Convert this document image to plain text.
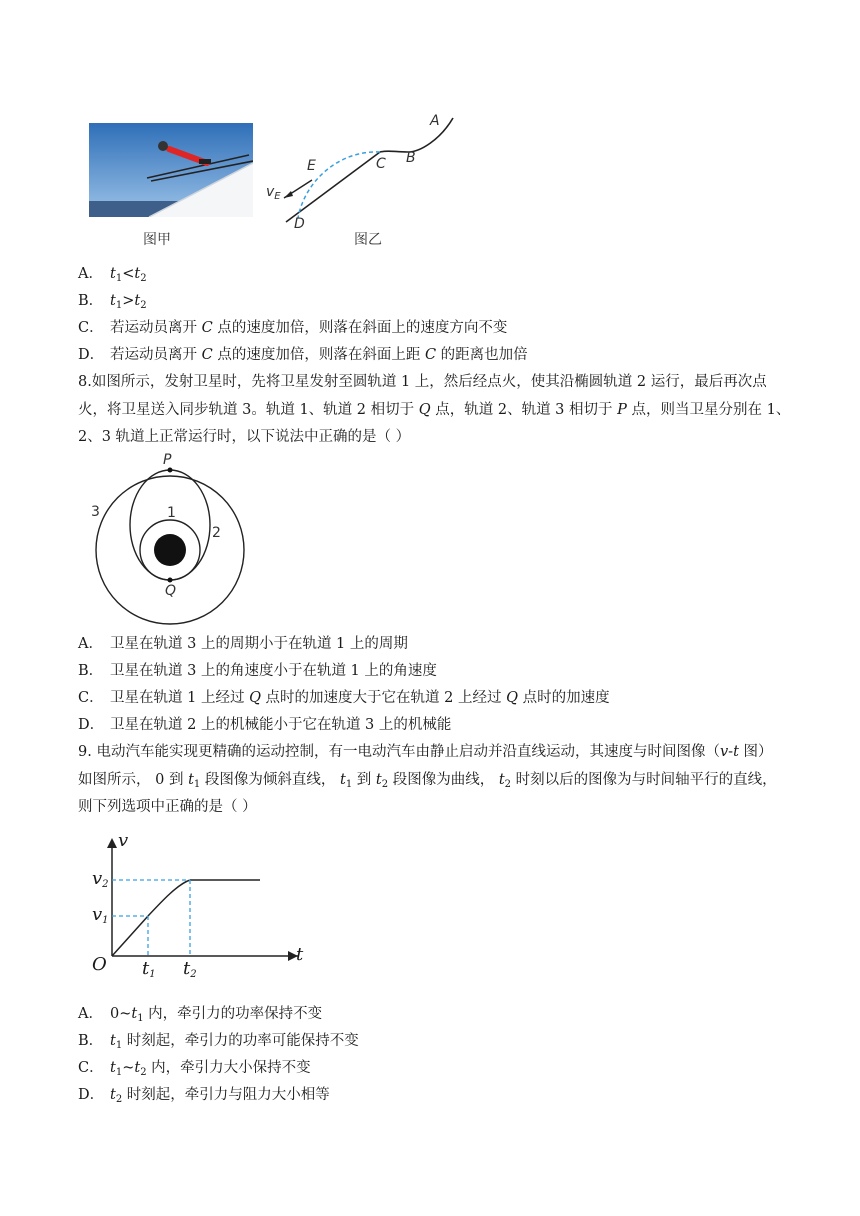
A
B
C
D
E
$v_E$
图甲	图乙
A． $t_1<t_2$
B． $t_1>t_2$
C． 若运动员离开 C 点的速度加倍，则落在斜面上的速度方向不变
D． 若运动员离开 C 点的速度加倍，则落在斜面上距 C 的距离也加倍
8.如图所示，发射卫星时，先将卫星发射至圆轨道 1 上，然后经点火，使其沿椭圆轨道 2 运行，最后再次点
火，将卫星送入同步轨道 3。轨道 1、轨道 2 相切于 Q 点，轨道 2、轨道 3 相切于 P 点，则当卫星分别在 1、
2、3 轨道上正常运行时，以下说法中正确的是（ ）
P
Q
1
2
3
A． 卫星在轨道 3 上的周期小于在轨道 1 上的周期
B． 卫星在轨道 3 上的角速度小于在轨道 1 上的角速度
C． 卫星在轨道 1 上经过 Q 点时的加速度大于它在轨道 2 上经过 Q 点时的加速度
D． 卫星在轨道 2 上的机械能小于它在轨道 3 上的机械能
9. 电动汽车能实现更精确的运动控制，有一电动汽车由静止启动并沿直线运动，其速度与时间图像（v-t 图）
如图所示， 0 到 $t_1$ 段图像为倾斜直线， $t_1$ 到 $t_2$ 段图像为曲线， $t_2$ 时刻以后的图像为与时间轴平行的直线，
则下列选项中正确的是（ ）
v
t
O
$v_1$
$v_2$
$t_1$ $t_2$
A． $0\sim t_1$ 内，牵引力的功率保持不变
B． $t_1$ 时刻起，牵引力的功率可能保持不变
C． $t_1\sim t_2$ 内，牵引力大小保持不变
D． $t_2$ 时刻起，牵引力与阻力大小相等
